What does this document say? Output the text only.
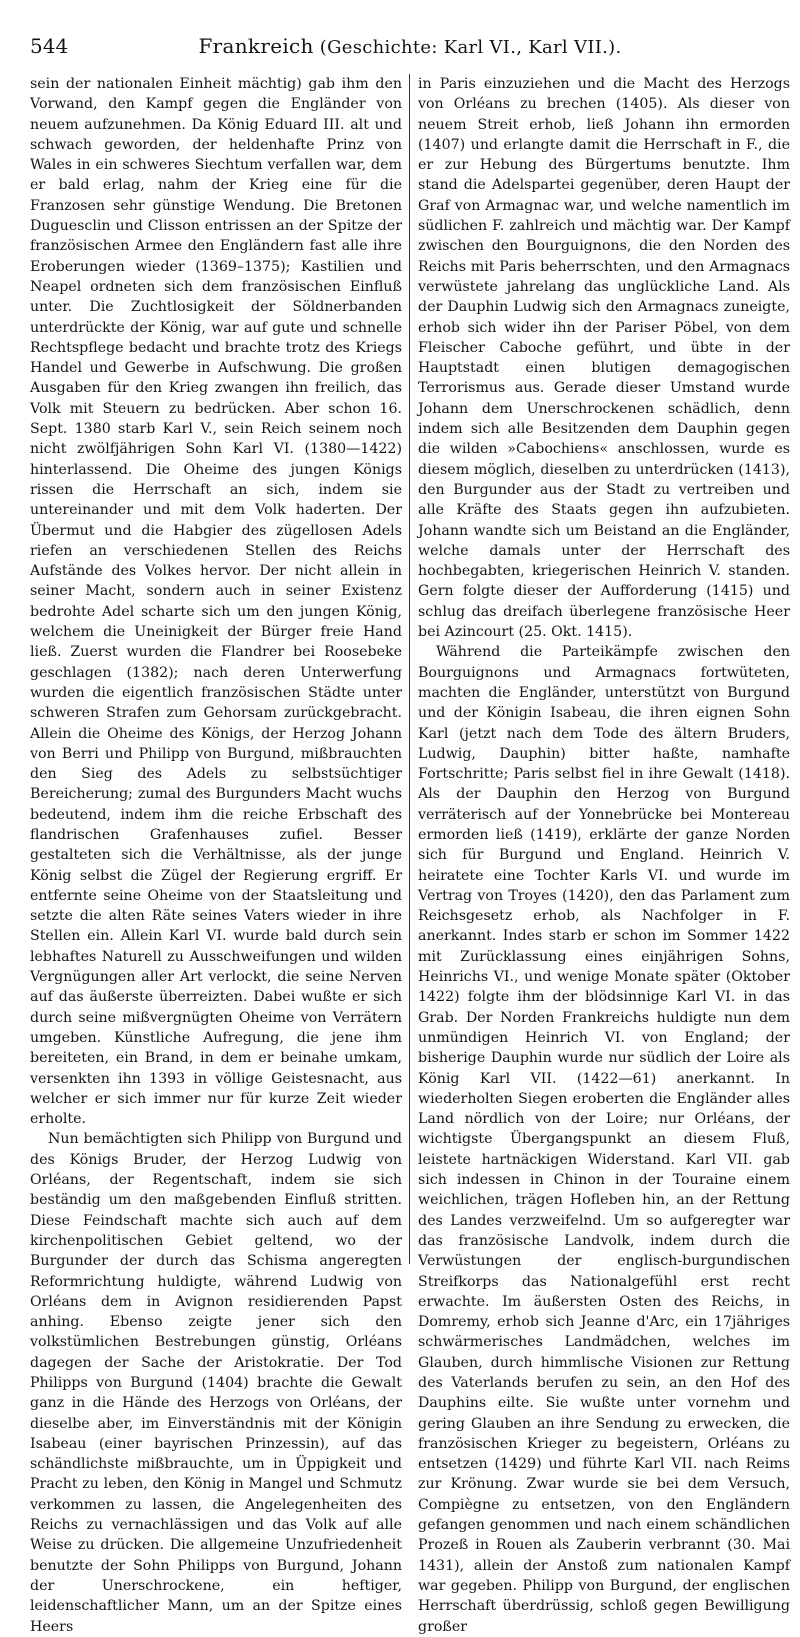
544	Frankreich (Geschichte: Karl VI., Karl VII.).

sein der nationalen Einheit mächtig) gab ihm den Vorwand, den Kampf gegen die Engländer von neuem aufzunehmen. Da König Eduard III. alt und schwach geworden, der heldenhafte Prinz von Wales in ein schweres Siechtum verfallen war, dem er bald erlag, nahm der Krieg eine für die Franzosen sehr günstige Wendung. Die Bretonen Duguesclin und Clisson entrissen an der Spitze der französischen Armee den Engländern fast alle ihre Eroberungen wieder (1369–1375); Kastilien und Neapel ordneten sich dem französischen Einfluß unter. Die Zuchtlosigkeit der Söldnerbanden unterdrückte der König, war auf gute und schnelle Rechtspflege bedacht und brachte trotz des Kriegs Handel und Gewerbe in Aufschwung. Die großen Ausgaben für den Krieg zwangen ihn freilich, das Volk mit Steuern zu bedrücken. Aber schon 16. Sept. 1380 starb Karl V., sein Reich seinem noch nicht zwölfjährigen Sohn Karl VI. (1380—1422) hinterlassend. Die Oheime des jungen Königs rissen die Herrschaft an sich, indem sie untereinander und mit dem Volk haderten. Der Übermut und die Habgier des zügellosen Adels riefen an verschiedenen Stellen des Reichs Aufstände des Volkes hervor. Der nicht allein in seiner Macht, sondern auch in seiner Existenz bedrohte Adel scharte sich um den jungen König, welchem die Uneinigkeit der Bürger freie Hand ließ. Zuerst wurden die Flandrer bei Roosebeke geschlagen (1382); nach deren Unterwerfung wurden die eigentlich französischen Städte unter schweren Strafen zum Gehorsam zurückgebracht. Allein die Oheime des Königs, der Herzog Johann von Berri und Philipp von Burgund, mißbrauchten den Sieg des Adels zu selbstsüchtiger Bereicherung; zumal des Burgunders Macht wuchs bedeutend, indem ihm die reiche Erbschaft des flandrischen Grafenhauses zufiel. Besser gestalteten sich die Verhältnisse, als der junge König selbst die Zügel der Regierung ergriff. Er entfernte seine Oheime von der Staatsleitung und setzte die alten Räte seines Vaters wieder in ihre Stellen ein. Allein Karl VI. wurde bald durch sein lebhaftes Naturell zu Ausschweifungen und wilden Vergnügungen aller Art verlockt, die seine Nerven auf das äußerste überreizten. Dabei wußte er sich durch seine mißvergnügten Oheime von Verrätern umgeben. Künstliche Aufregung, die jene ihm bereiteten, ein Brand, in dem er beinahe umkam, versenkten ihn 1393 in völlige Geistesnacht, aus welcher er sich immer nur für kurze Zeit wieder erholte.

Nun bemächtigten sich Philipp von Burgund und des Königs Bruder, der Herzog Ludwig von Orléans, der Regentschaft, indem sie sich beständig um den maßgebenden Einfluß stritten. Diese Feindschaft machte sich auch auf dem kirchenpolitischen Gebiet geltend, wo der Burgunder der durch das Schisma angeregten Reformrichtung huldigte, während Ludwig von Orléans dem in Avignon residierenden Papst anhing. Ebenso zeigte jener sich den volkstümlichen Bestrebungen günstig, Orléans dagegen der Sache der Aristokratie. Der Tod Philipps von Burgund (1404) brachte die Gewalt ganz in die Hände des Herzogs von Orléans, der dieselbe aber, im Einverständnis mit der Königin Isabeau (einer bayrischen Prinzessin), auf das schändlichste mißbrauchte, um in Üppigkeit und Pracht zu leben, den König in Mangel und Schmutz verkommen zu lassen, die Angelegenheiten des Reichs zu vernachlässigen und das Volk auf alle Weise zu drücken. Die allgemeine Unzufriedenheit benutzte der Sohn Philipps von Burgund, Johann der Unerschrockene, ein heftiger, leidenschaftlicher Mann, um an der Spitze eines Heers

in Paris einzuziehen und die Macht des Herzogs von Orléans zu brechen (1405). Als dieser von neuem Streit erhob, ließ Johann ihn ermorden (1407) und erlangte damit die Herrschaft in F., die er zur Hebung des Bürgertums benutzte. Ihm stand die Adelspartei gegenüber, deren Haupt der Graf von Armagnac war, und welche namentlich im südlichen F. zahlreich und mächtig war. Der Kampf zwischen den Bourguignons, die den Norden des Reichs mit Paris beherrschten, und den Armagnacs verwüstete jahrelang das unglückliche Land. Als der Dauphin Ludwig sich den Armagnacs zuneigte, erhob sich wider ihn der Pariser Pöbel, von dem Fleischer Caboche geführt, und übte in der Hauptstadt einen blutigen demagogischen Terrorismus aus. Gerade dieser Umstand wurde Johann dem Unerschrockenen schädlich, denn indem sich alle Besitzenden dem Dauphin gegen die wilden »Cabochiens« anschlossen, wurde es diesem möglich, dieselben zu unterdrücken (1413), den Burgunder aus der Stadt zu vertreiben und alle Kräfte des Staats gegen ihn aufzubieten. Johann wandte sich um Beistand an die Engländer, welche damals unter der Herrschaft des hochbegabten, kriegerischen Heinrich V. standen. Gern folgte dieser der Aufforderung (1415) und schlug das dreifach überlegene französische Heer bei Azincourt (25. Okt. 1415).

Während die Parteikämpfe zwischen den Bourguignons und Armagnacs fortwüteten, machten die Engländer, unterstützt von Burgund und der Königin Isabeau, die ihren eignen Sohn Karl (jetzt nach dem Tode des ältern Bruders, Ludwig, Dauphin) bitter haßte, namhafte Fortschritte; Paris selbst fiel in ihre Gewalt (1418). Als der Dauphin den Herzog von Burgund verräterisch auf der Yonnebrücke bei Montereau ermorden ließ (1419), erklärte der ganze Norden sich für Burgund und England. Heinrich V. heiratete eine Tochter Karls VI. und wurde im Vertrag von Troyes (1420), den das Parlament zum Reichsgesetz erhob, als Nachfolger in F. anerkannt. Indes starb er schon im Sommer 1422 mit Zurücklassung eines einjährigen Sohns, Heinrichs VI., und wenige Monate später (Oktober 1422) folgte ihm der blödsinnige Karl VI. in das Grab. Der Norden Frankreichs huldigte nun dem unmündigen Heinrich VI. von England; der bisherige Dauphin wurde nur südlich der Loire als König Karl VII. (1422—61) anerkannt. In wiederholten Siegen eroberten die Engländer alles Land nördlich von der Loire; nur Orléans, der wichtigste Übergangspunkt an diesem Fluß, leistete hartnäckigen Widerstand. Karl VII. gab sich indessen in Chinon in der Touraine einem weichlichen, trägen Hofleben hin, an der Rettung des Landes verzweifelnd. Um so aufgeregter war das französische Landvolk, indem durch die Verwüstungen der englisch-burgundischen Streifkorps das Nationalgefühl erst recht erwachte. Im äußersten Osten des Reichs, in Domremy, erhob sich Jeanne d'Arc, ein 17jähriges schwärmerisches Landmädchen, welches im Glauben, durch himmlische Visionen zur Rettung des Vaterlands berufen zu sein, an den Hof des Dauphins eilte. Sie wußte unter vornehm und gering Glauben an ihre Sendung zu erwecken, die französischen Krieger zu begeistern, Orléans zu entsetzen (1429) und führte Karl VII. nach Reims zur Krönung. Zwar wurde sie bei dem Versuch, Compiègne zu entsetzen, von den Engländern gefangen genommen und nach einem schändlichen Prozeß in Rouen als Zauberin verbrannt (30. Mai 1431), allein der Anstoß zum nationalen Kampf war gegeben. Philipp von Burgund, der englischen Herrschaft überdrüssig, schloß gegen Bewilligung großer
